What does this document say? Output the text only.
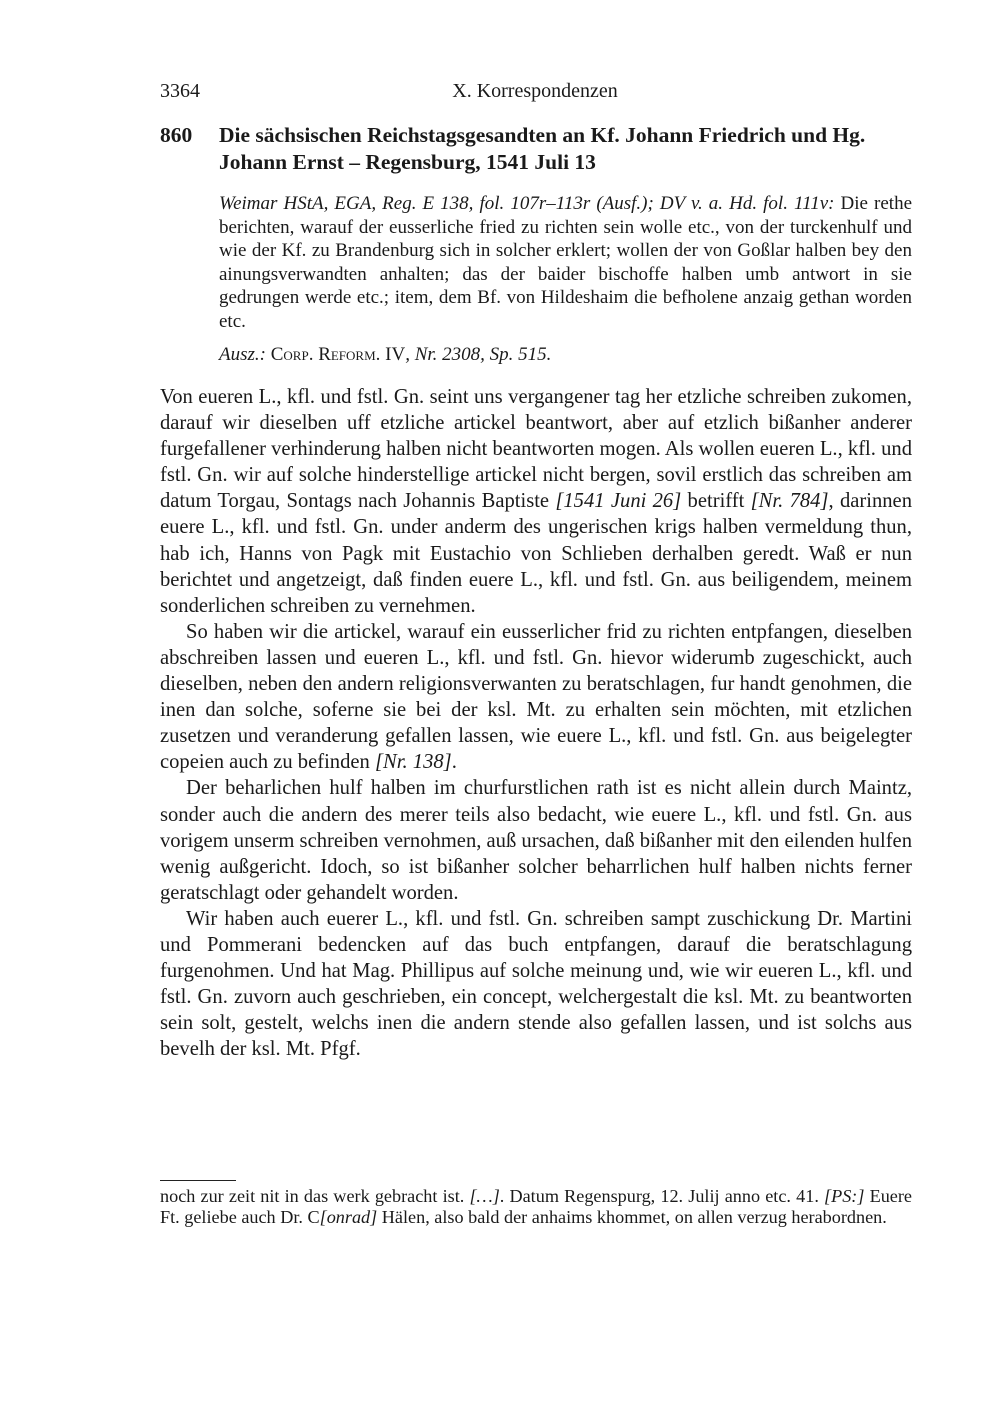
3364	X. Korrespondenzen
860 Die sächsischen Reichstagsgesandten an Kf. Johann Friedrich und Hg. Johann Ernst – Regensburg, 1541 Juli 13

Weimar HStA, EGA, Reg. E 138, fol. 107r–113r (Ausf.); DV v. a. Hd. fol. 111v: Die rethe berichten, warauf der eusserliche fried zu richten sein wolle etc., von der turckenhulf und wie der Kf. zu Brandenburg sich in solcher erklert; wollen der von Goßlar halben bey den ainungsverwandten anhalten; das der baider bischoffe halben umb antwort in sie gedrungen werde etc.; item, dem Bf. von Hildeshaim die befholene anzaig gethan worden etc.

Ausz.: Corp. Reform. IV, Nr. 2308, Sp. 515.

Von eueren L., kfl. und fstl. Gn. seint uns vergangener tag her etzliche schreiben zukomen, darauf wir dieselben uff etzliche artickel beantwort, aber auf etzlich bißanher anderer furgefallener verhinderung halben nicht beantworten mogen. Als wollen eueren L., kfl. und fstl. Gn. wir auf solche hinderstellige artickel nicht bergen, sovil erstlich das schreiben am datum Torgau, Sontags nach Johannis Baptiste [1541 Juni 26] betrifft [Nr. 784], darinnen euere L., kfl. und fstl. Gn. under anderm des ungerischen krigs halben vermeldung thun, hab ich, Hanns von Pagk mit Eustachio von Schlieben derhalben geredt. Waß er nun berichtet und angetzeigt, daß finden euere L., kfl. und fstl. Gn. aus beiligendem, meinem sonderlichen schreiben zu vernehmen.

So haben wir die artickel, warauf ein eusserlicher frid zu richten entpfangen, dieselben abschreiben lassen und eueren L., kfl. und fstl. Gn. hievor widerumb zugeschickt, auch dieselben, neben den andern religionsverwanten zu beratschlagen, fur handt genohmen, die inen dan solche, soferne sie bei der ksl. Mt. zu erhalten sein möchten, mit etzlichen zusetzen und veranderung gefallen lassen, wie euere L., kfl. und fstl. Gn. aus beigelegter copeien auch zu befinden [Nr. 138].

Der beharlichen hulf halben im churfurstlichen rath ist es nicht allein durch Maintz, sonder auch die andern des merer teils also bedacht, wie euere L., kfl. und fstl. Gn. aus vorigem unserm schreiben vernohmen, auß ursachen, daß bißanher mit den eilenden hulfen wenig außgericht. Idoch, so ist bißanher solcher beharrlichen hulf halben nichts ferner geratschlagt oder gehandelt worden.

Wir haben auch euerer L., kfl. und fstl. Gn. schreiben sampt zuschickung Dr. Martini und Pommerani bedencken auf das buch entpfangen, darauf die beratschlagung furgenohmen. Und hat Mag. Phillipus auf solche meinung und, wie wir eueren L., kfl. und fstl. Gn. zuvorn auch geschrieben, ein concept, welchergestalt die ksl. Mt. zu beantworten sein solt, gestelt, welchs inen die andern stende also gefallen lassen, und ist solchs aus bevelh der ksl. Mt. Pfgf.

noch zur zeit nit in das werk gebracht ist. […]. Datum Regenspurg, 12. Julij anno etc. 41. [PS:] Euere Ft. geliebe auch Dr. C[onrad] Hälen, also bald der anhaims khommet, on allen verzug herabordnen.
